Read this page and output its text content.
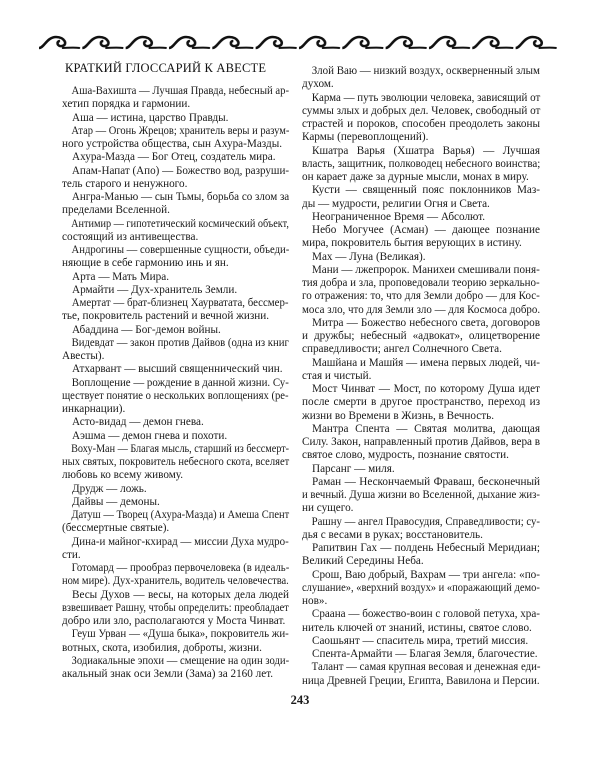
КРАТКИЙ ГЛОССАРИЙ К АВЕСТЕ
Аша-Вахишта — Лучшая Правда, небесный ар-
хетип порядка и гармонии.
Аша — истина, царство Правды.
Атар — Огонь Жрецов; хранитель веры и разум-
ного устройства общества, сын Ахура-Мазды.
Ахура-Мазда — Бог Отец, создатель мира.
Апам-Напат (Апо) — Божество вод, разруши-
тель старого и ненужного.
Ангра-Манью — сын Тьмы, борьба со злом за
пределами Вселенной.
Антимир — гипотетический космический объект,
состоящий из антивещества.
Андрогины — совершенные сущности, объеди-
няющие в себе гармонию инь и ян.
Арта — Мать Мира.
Армайти — Дух-хранитель Земли.
Амертат — брат-близнец Хаурватата, бессмер-
тье, покровитель растений и вечной жизни.
Абаддина — Бог-демон войны.
Видевдат — закон против Дайвов (одна из книг
Авесты).
Атхарвант — высший священнический чин.
Воплощение — рождение в данной жизни. Су-
ществует понятие о нескольких воплощениях (ре-
инкарнации).
Асто-видад — демон гнева.
Аэшма — демон гнева и похоти.
Воху-Ман — Благая мысль, старший из бессмерт-
ных святых, покровитель небесного скота, вселяет
любовь ко всему живому.
Друдж — ложь.
Дайвы — демоны.
Датуш — Творец (Ахура-Мазда) и Амеша Спент
(бессмертные святые).
Дина-и майног-кхирад — миссии Духа мудро-
сти.
Готомард — прообраз первочеловека (в идеаль-
ном мире). Дух-хранитель, водитель человечества.
Весы Духов — весы, на которых дела людей
взвешивает Рашну, чтобы определить: преобладает
добро или зло, располагаются у Моста Чинват.
Геуш Урван — «Душа быка», покровитель жи-
вотных, скота, изобилия, доброты, жизни.
Зодиакальные эпохи — смещение на один зоди-
акальный знак оси Земли (Зама) за 2160 лет.
Злой Ваю — низкий воздух, оскверненный злым
духом.
Карма — путь эволюции человека, зависящий от
суммы злых и добрых дел. Человек, свободный от
страстей и пороков, способен преодолеть законы
Кармы (перевоплощений).
Кшатра Варья (Хшатра Варья) — Лучшая
власть, защитник, полководец небесного воинства;
он карает даже за дурные мысли, монах в миру.
Кусти — священный пояс поклонников Маз-
ды — мудрости, религии Огня и Света.
Неограниченное Время — Абсолют.
Небо Могучее (Асман) — дающее познание
мира, покровитель бытия верующих в истину.
Мах — Луна (Великая).
Мани — лжепророк. Манихеи смешивали поня-
тия добра и зла, проповедовали теорию зеркально-
го отражения: то, что для Земли добро — для Кос-
моса зло, что для Земли зло — для Космоса добро.
Митра — Божество небесного света, договоров
и дружбы; небесный «адвокат», олицетворение
справедливости; ангел Солнечного Света.
Машйана и Машйя — имена первых людей, чи-
стая и чистый.
Мост Чинват — Мост, по которому Душа идет
после смерти в другое пространство, переход из
жизни во Времени в Жизнь, в Вечность.
Мантра Спента — Святая молитва, дающая
Силу. Закон, направленный против Дайвов, вера в
святое слово, мудрость, познание святости.
Парсанг — миля.
Раман — Нескончаемый Фраваш, бесконечный
и вечный. Душа жизни во Вселенной, дыхание жиз-
ни сущего.
Рашну — ангел Правосудия, Справедливости; су-
дья с весами в руках; восстановитель.
Рапитвин Гах — полдень Небесный Меридиан;
Великий Середины Неба.
Срош, Ваю добрый, Вахрам — три ангела: «по-
слушание», «верхний воздух» и «поражающий демо-
нов».
Сраана — божество-воин с головой петуха, хра-
нитель ключей от знаний, истины, святое слово.
Саошьянт — спаситель мира, третий миссия.
Спента-Армайти — Благая Земля, благочестие.
Талант — самая крупная весовая и денежная еди-
ница Древней Греции, Египта, Вавилона и Персии.
243
